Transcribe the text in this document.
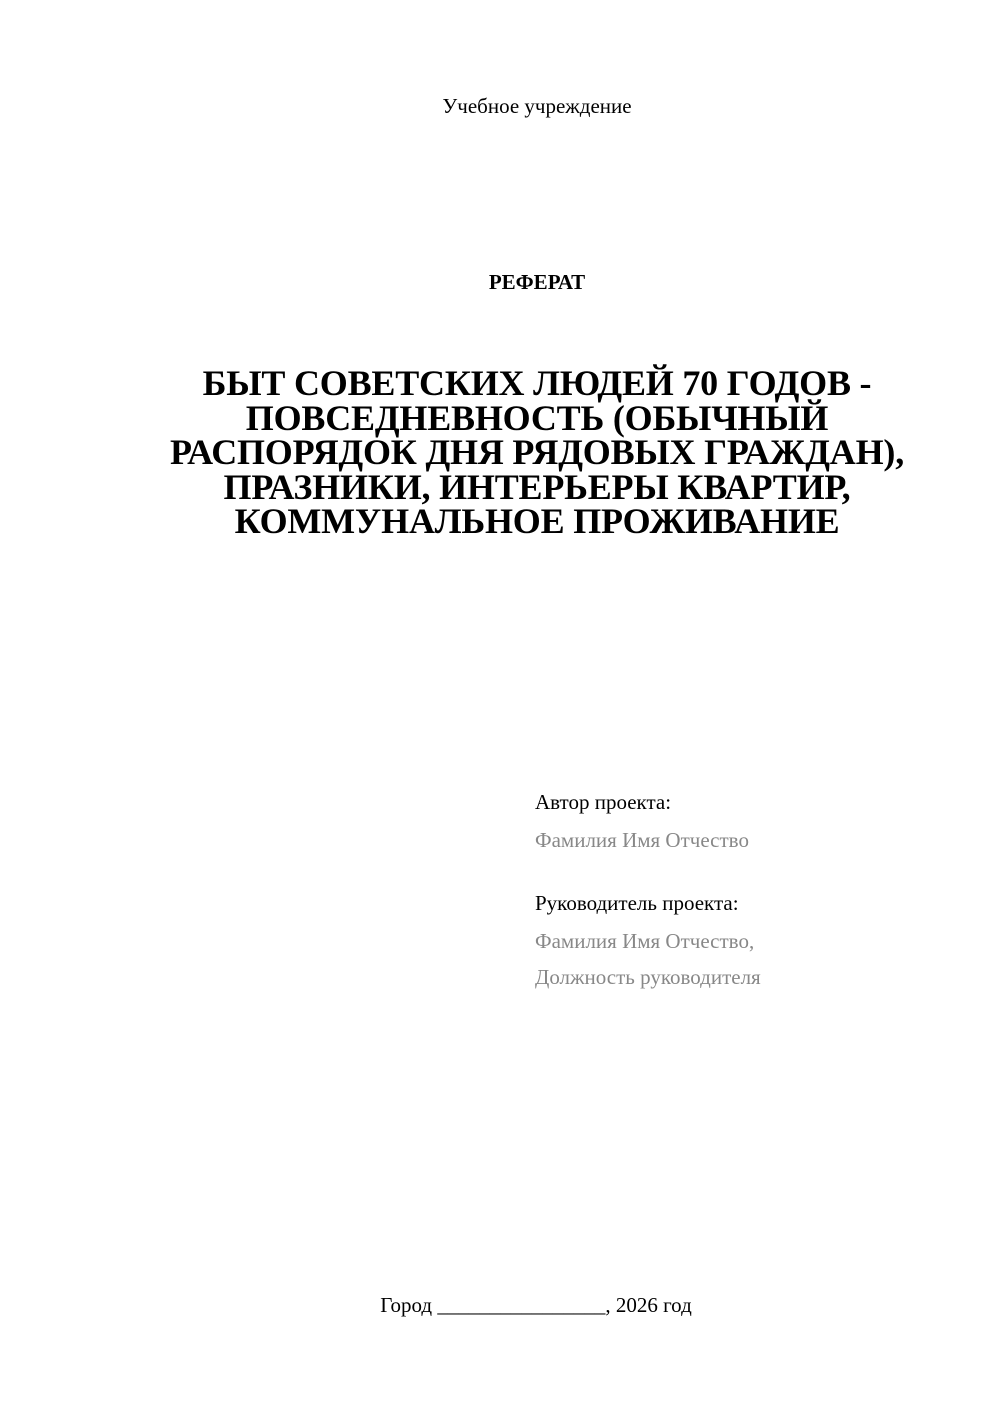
Учебное учреждение
РЕФЕРАТ
БЫТ СОВЕТСКИХ ЛЮДЕЙ 70 ГОДОВ - ПОВСЕДНЕВНОСТЬ (ОБЫЧНЫЙ РАСПОРЯДОК ДНЯ РЯДОВЫХ ГРАЖДАН), ПРАЗНИКИ, ИНТЕРЬЕРЫ КВАРТИР, КОММУНАЛЬНОЕ ПРОЖИВАНИЕ
Автор проекта:
Фамилия Имя Отчество
Руководитель проекта:
Фамилия Имя Отчество,
Должность руководителя
Город ________________, 2026 год
